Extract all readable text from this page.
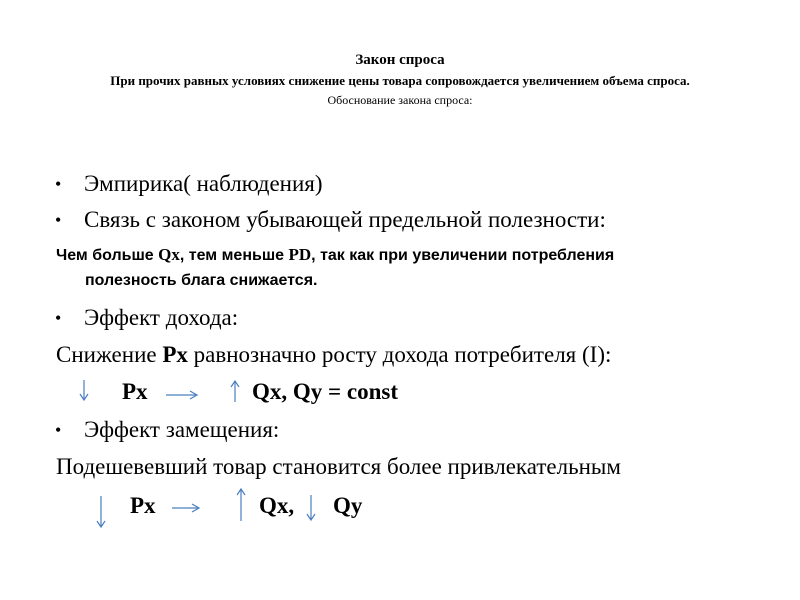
Закон спроса
При прочих равных условиях снижение цены товара сопровождается увеличением объема спроса.
Обоснование закона спроса:
• Эмпирика( наблюдения)
• Связь с законом убывающей предельной полезности:
Чем больше Qx, тем меньше PD, так как при увеличении потребления
полезность блага снижается.
• Эффект дохода:
Снижение Px равнозначно росту дохода потребителя (I):
Px	Qx, Qy = const
• Эффект замещения:
Подешевевший товар становится более привлекательным
Px	Qx, Qy
